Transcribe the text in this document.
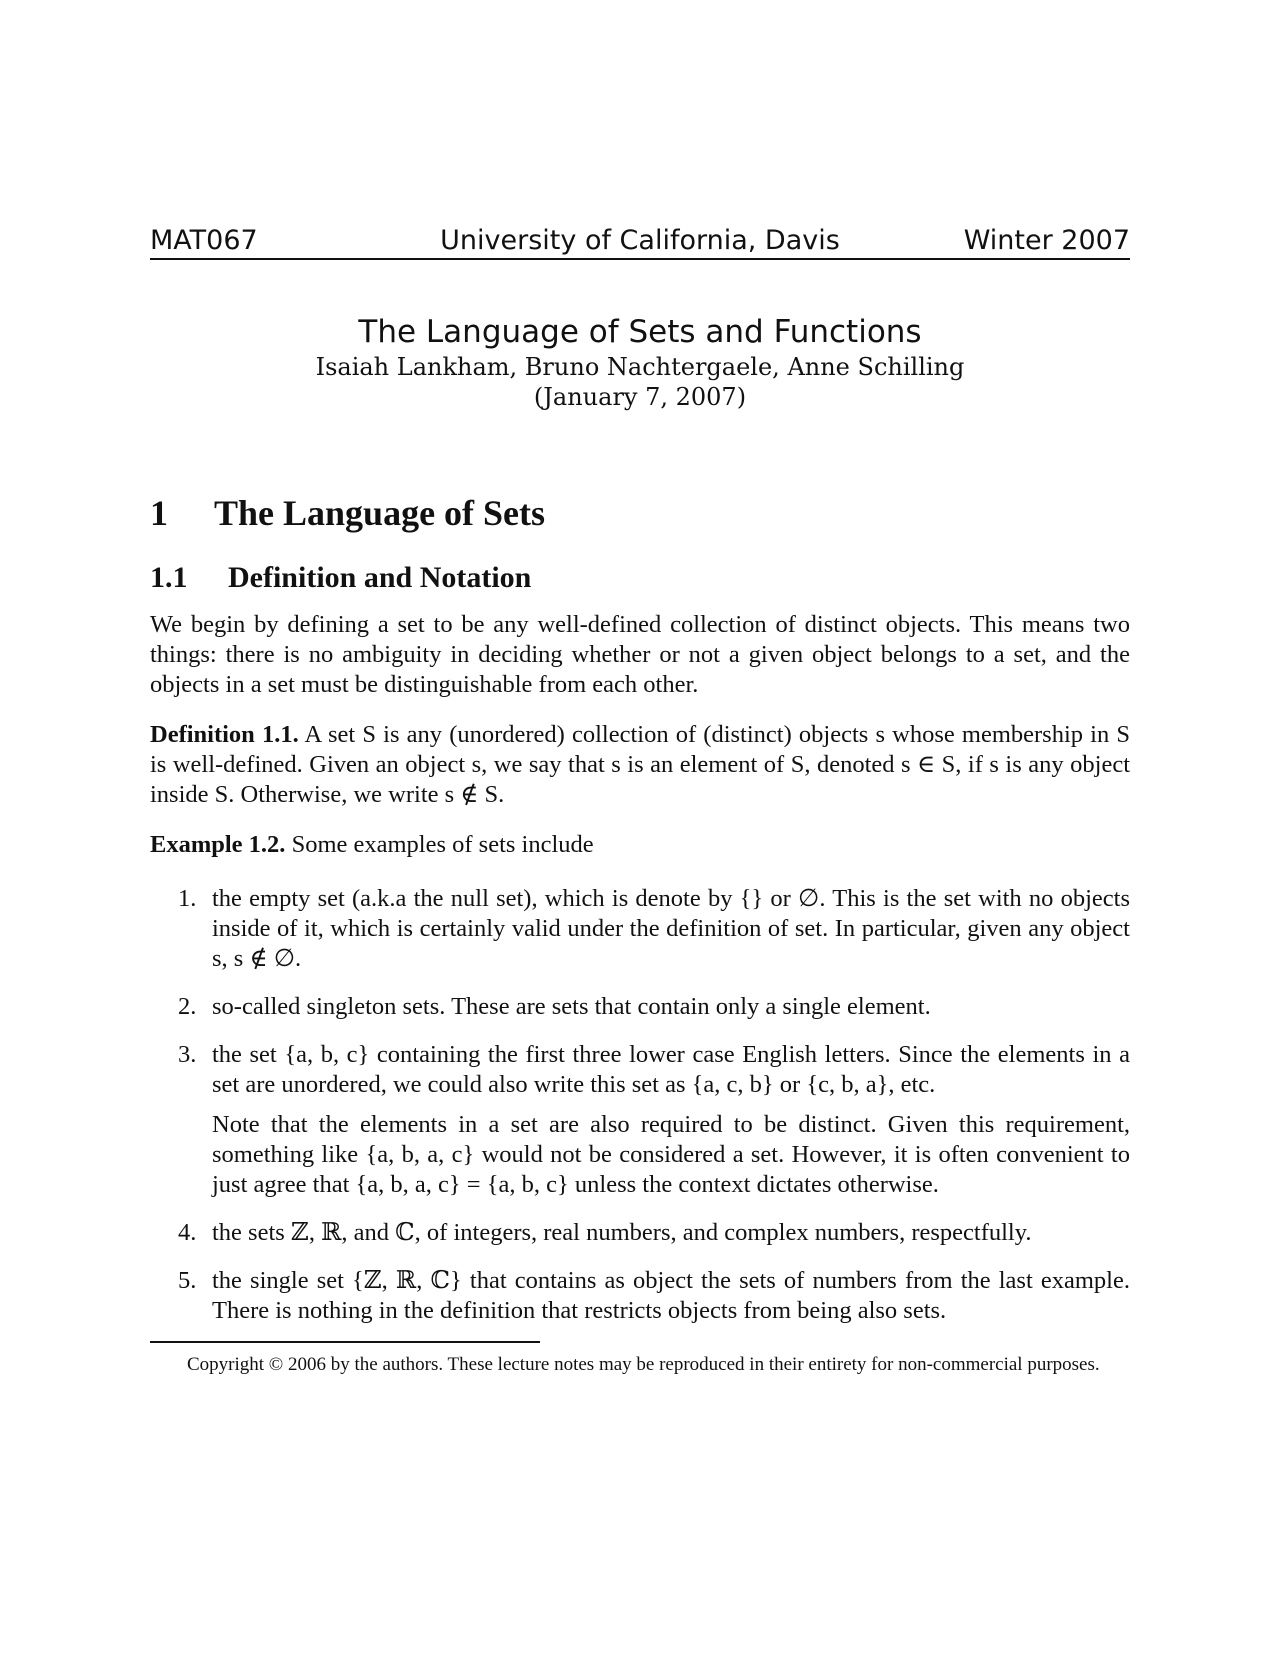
MAT067	University of California, Davis	Winter 2007
The Language of Sets and Functions

Isaiah Lankham, Bruno Nachtergaele, Anne Schilling

(January 7, 2007)

1 The Language of Sets
1.1 Definition and Notation

We begin by defining a set to be any well-defined collection of distinct objects. This means two things: there is no ambiguity in deciding whether or not a given object belongs to a set, and the objects in a set must be distinguishable from each other.

Definition 1.1. A set S is any (unordered) collection of (distinct) objects s whose membership in S is well-defined. Given an object s, we say that s is an element of S, denoted s ∈ S, if s is any object inside S. Otherwise, we write s ∉ S.

Example 1.2. Some examples of sets include

1. the empty set (a.k.a the null set), which is denote by {} or ∅. This is the set with no objects inside of it, which is certainly valid under the definition of set. In particular, given any object s, s ∉ ∅.
2. so-called singleton sets. These are sets that contain only a single element.
3. the set {a, b, c} containing the first three lower case English letters. Since the elements in a set are unordered, we could also write this set as {a, c, b} or {c, b, a}, etc.
Note that the elements in a set are also required to be distinct. Given this requirement, something like {a, b, a, c} would not be considered a set. However, it is often convenient to just agree that {a, b, a, c} = {a, b, c} unless the context dictates otherwise.
4. the sets ℤ, ℝ, and ℂ, of integers, real numbers, and complex numbers, respectfully.
5. the single set {ℤ, ℝ, ℂ} that contains as object the sets of numbers from the last example. There is nothing in the definition that restricts objects from being also sets.

Copyright © 2006 by the authors. These lecture notes may be reproduced in their entirety for non-commercial purposes.
